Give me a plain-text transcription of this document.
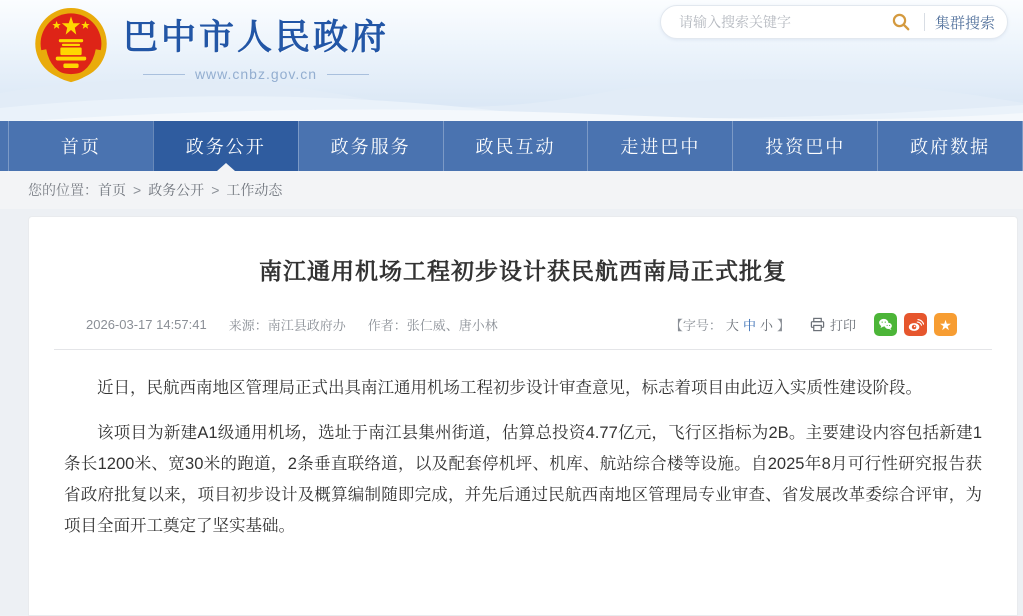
巴中市人民政府
www.cnbz.gov.cn
请输入搜索关键字
集群搜索
首页	政务公开	政务服务	政民互动	走进巴中	投资巴中	政府数据
您的位置： 首页 > 政务公开 > 工作动态
南江通用机场工程初步设计获民航西南局正式批复
2026-03-17 14:57:41 来源：南江县政府办 作者：张仁威、唐小林	【字号： 大 中 小 】	打印	★

近日，民航西南地区管理局正式出具南江通用机场工程初步设计审查意见，标志着项目由此迈入实质性建设阶段。

该项目为新建A1级通用机场，选址于南江县集州街道，估算总投资4.77亿元，飞行区指标为2B。主要建设内容包括新建1条长1200米、宽30米的跑道，2条垂直联络道，以及配套停机坪、机库、航站综合楼等设施。自2025年8月可行性研究报告获省政府批复以来，项目初步设计及概算编制随即完成，并先后通过民航西南地区管理局专业审查、省发展改革委综合评审，为项目全面开工奠定了坚实基础。
